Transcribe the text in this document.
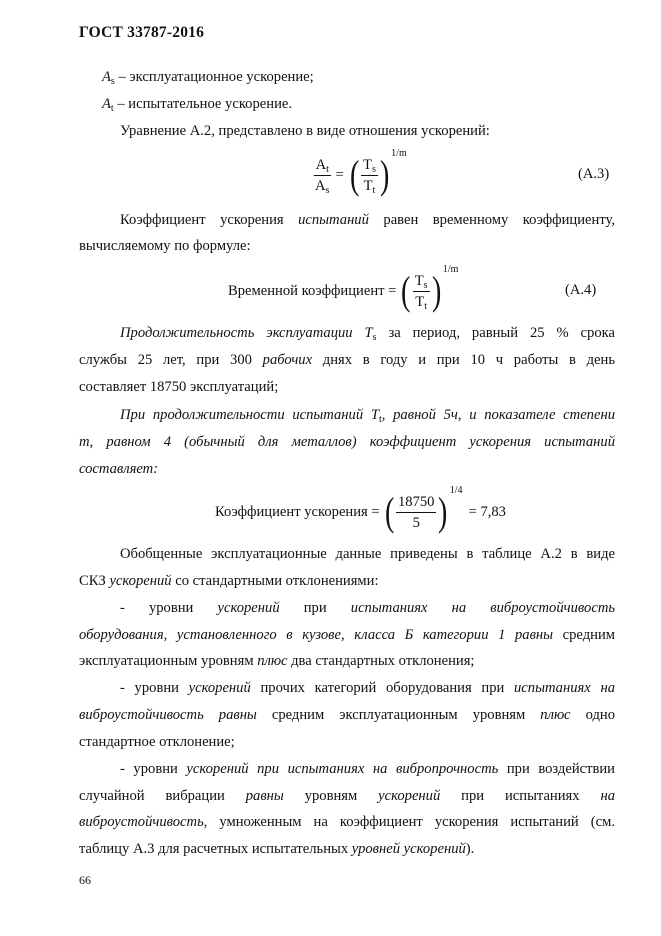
ГОСТ 33787-2016
$A_s$ – эксплуатационное ускорение;
$A_t$ – испытательное ускорение.
Уравнение А.2, представлено в виде отношения ускорений:
$\frac{A_t}{A_s}$ = ( $\frac{T_s}{T_t}$ ) 1/m
(A.3)
Коэффициент ускорения испытаний равен временному коэффициенту,
вычисляемому по формуле:
Временной коэффициент = ( $\frac{T_s}{T_t}$ ) 1/m
(A.4)
Продолжительность эксплуатации $T_s$ за период, равный 25 % срока
службы 25 лет, при 300 рабочих днях в году и при 10 ч работы в день
составляет 18750 эксплуатаций;
При продолжительности испытаний $T_t$, равной 5ч, и показателе степени
m, равном 4 (обычный для металлов) коэффициент ускорения испытаний
составляет:
Коэффициент ускорения = ( $\frac{18750}{5}$ ) 1/4
= 7,83
Обобщенные эксплуатационные данные приведены в таблице А.2 в виде
СКЗ ускорений со стандартными отклонениями:
- уровни ускорений при испытаниях на виброустойчивость
оборудования, установленного в кузове, класса Б категории 1 равны средним
эксплуатационным уровням плюс два стандартных отклонения;
- уровни ускорений прочих категорий оборудования при испытаниях на
виброустойчивость равны средним эксплуатационным уровням плюс одно
стандартное отклонение;
- уровни ускорений при испытаниях на вибропрочность при воздействии
случайной вибрации равны уровням ускорений при испытаниях на
виброустойчивость, умноженным на коэффициент ускорения испытаний (см.
таблицу А.3 для расчетных испытательных уровней ускорений).
66
